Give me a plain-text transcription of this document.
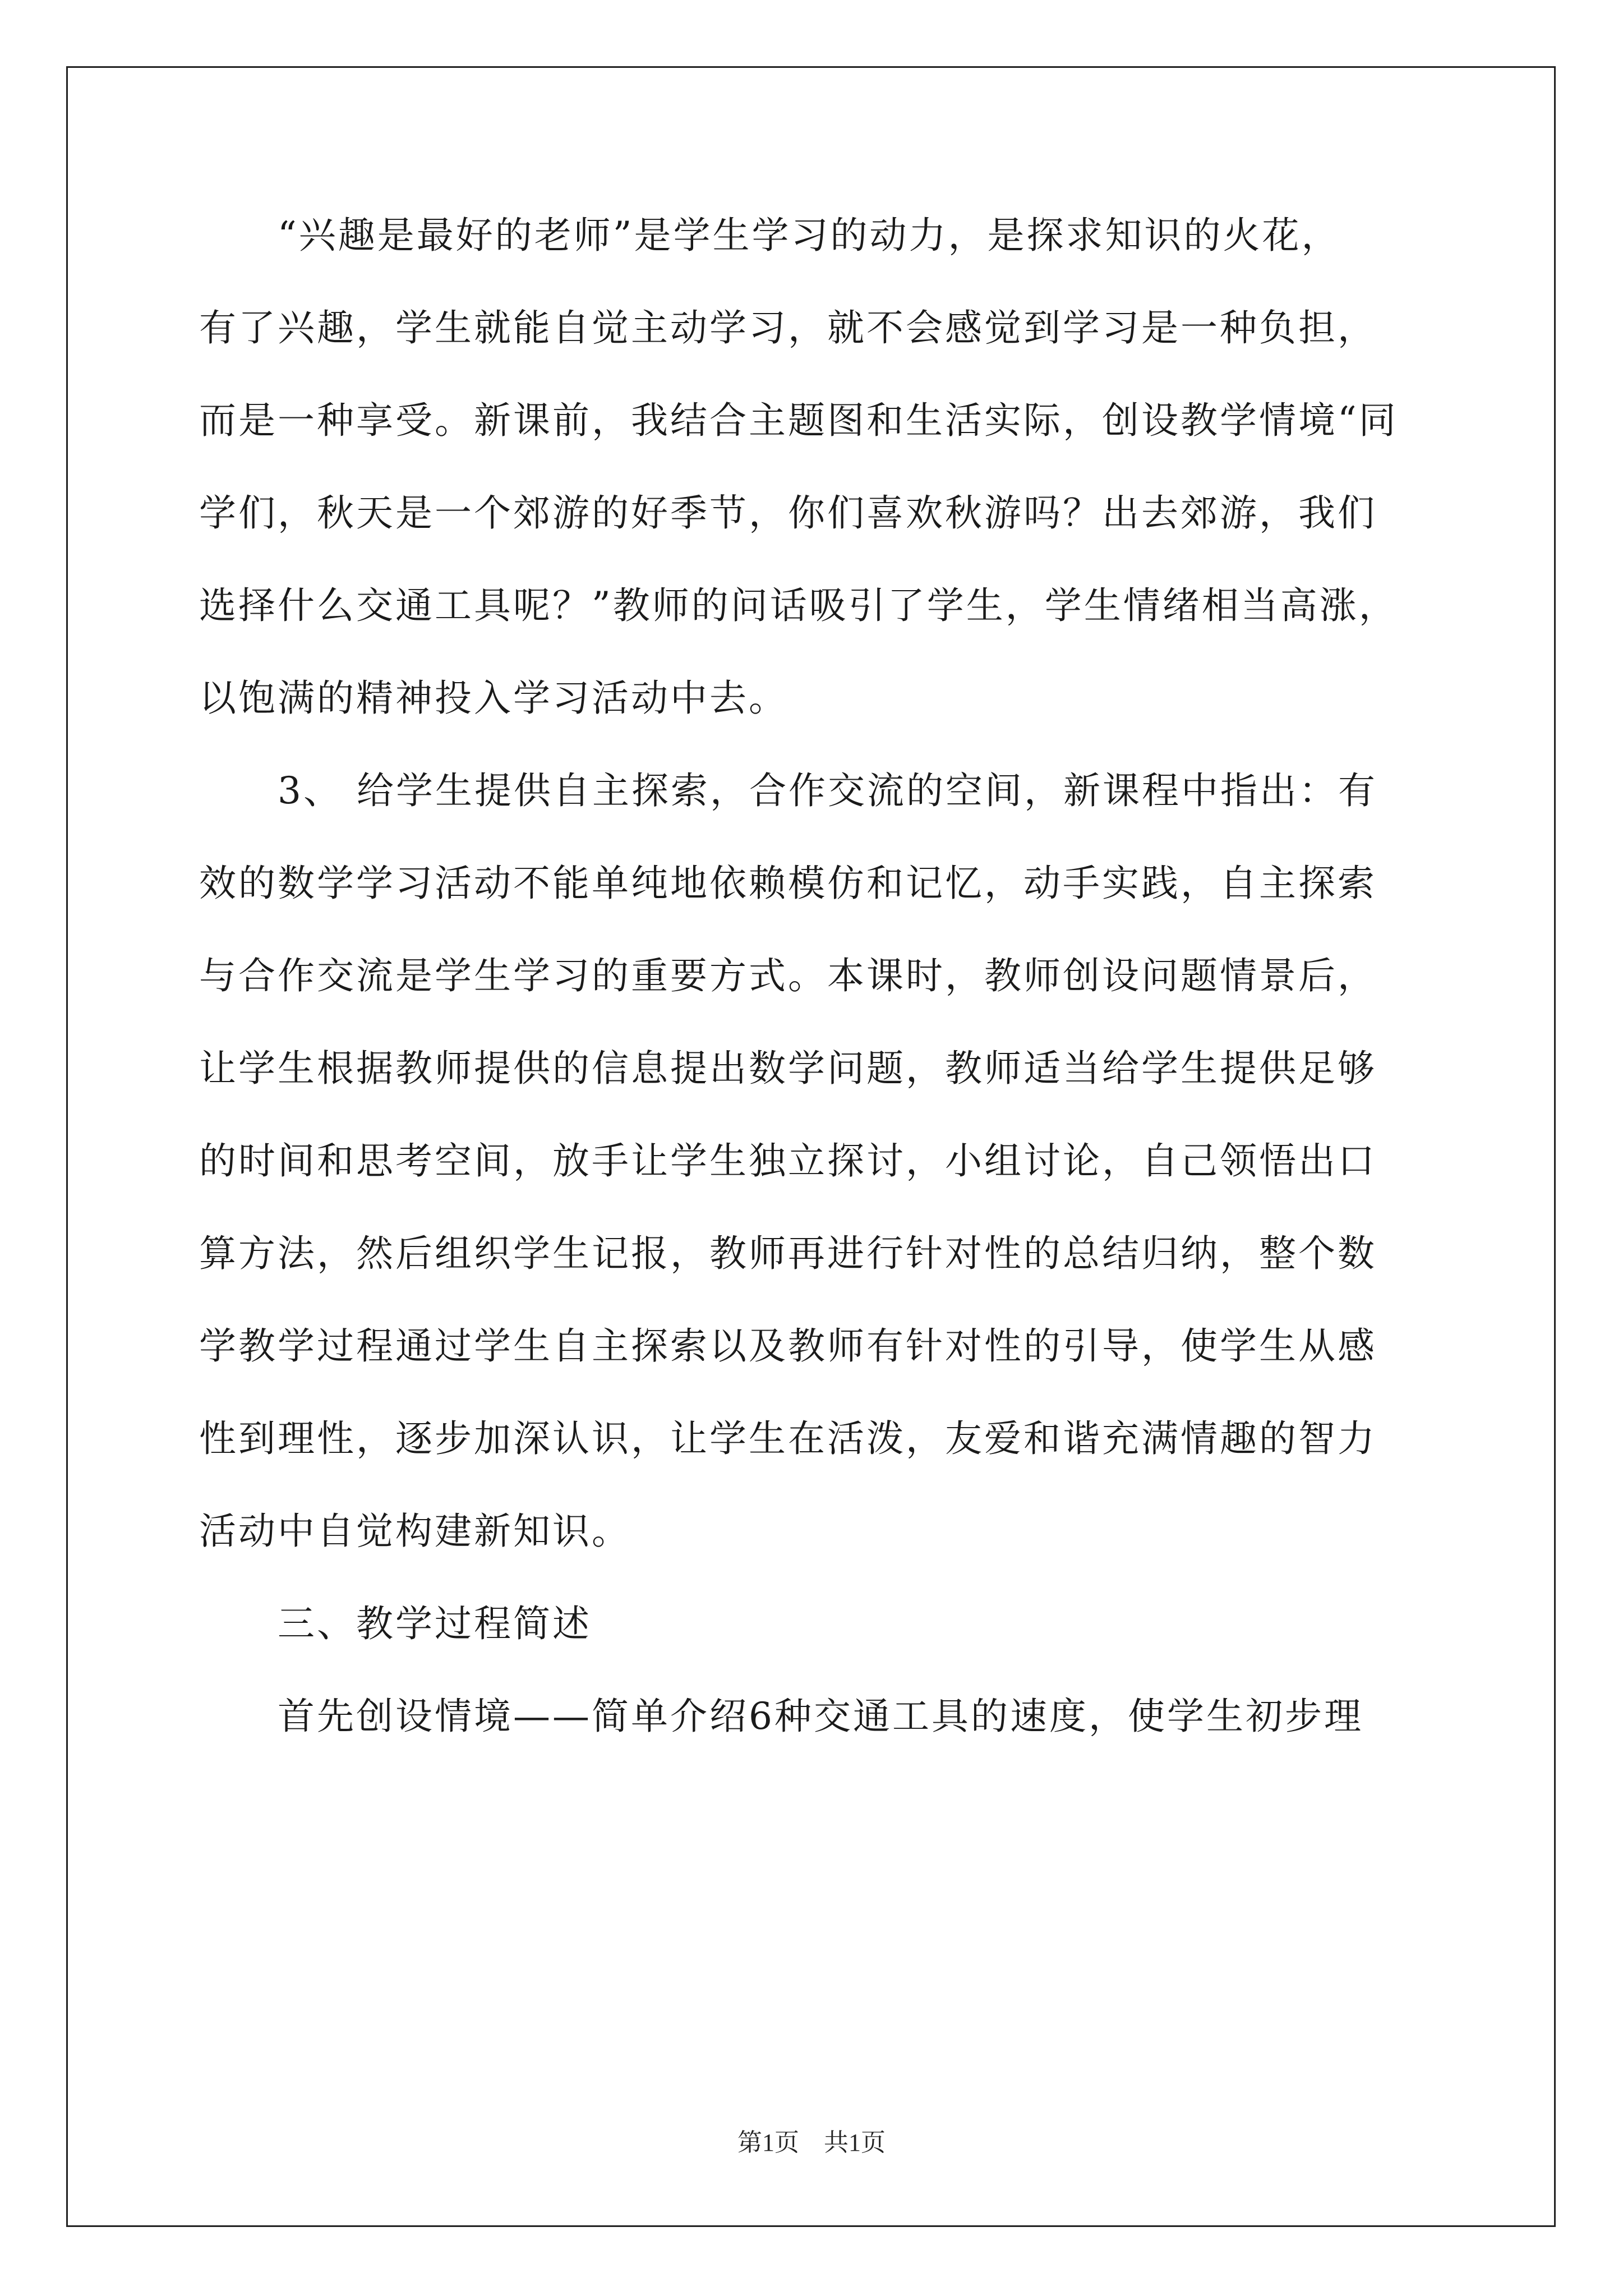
“兴趣是最好的老师”是学生学习的动力，是探求知识的火花，
有了兴趣，学生就能自觉主动学习，就不会感觉到学习是一种负担，
而是一种享受。新课前，我结合主题图和生活实际，创设教学情境“同
学们，秋天是一个郊游的好季节，你们喜欢秋游吗？出去郊游，我们
选择什么交通工具呢？”教师的问话吸引了学生，学生情绪相当高涨，
以饱满的精神投入学习活动中去。
3、 给学生提供自主探索，合作交流的空间，新课程中指出：有
效的数学学习活动不能单纯地依赖模仿和记忆，动手实践，自主探索
与合作交流是学生学习的重要方式。本课时，教师创设问题情景后，
让学生根据教师提供的信息提出数学问题，教师适当给学生提供足够
的时间和思考空间，放手让学生独立探讨，小组讨论，自己领悟出口
算方法，然后组织学生记报，教师再进行针对性的总结归纳，整个数
学教学过程通过学生自主探索以及教师有针对性的引导，使学生从感
性到理性，逐步加深认识，让学生在活泼，友爱和谐充满情趣的智力
活动中自觉构建新知识。
三、教学过程简述
首先创设情境——简单介绍6种交通工具的速度，使学生初步理
第1页　共1页
